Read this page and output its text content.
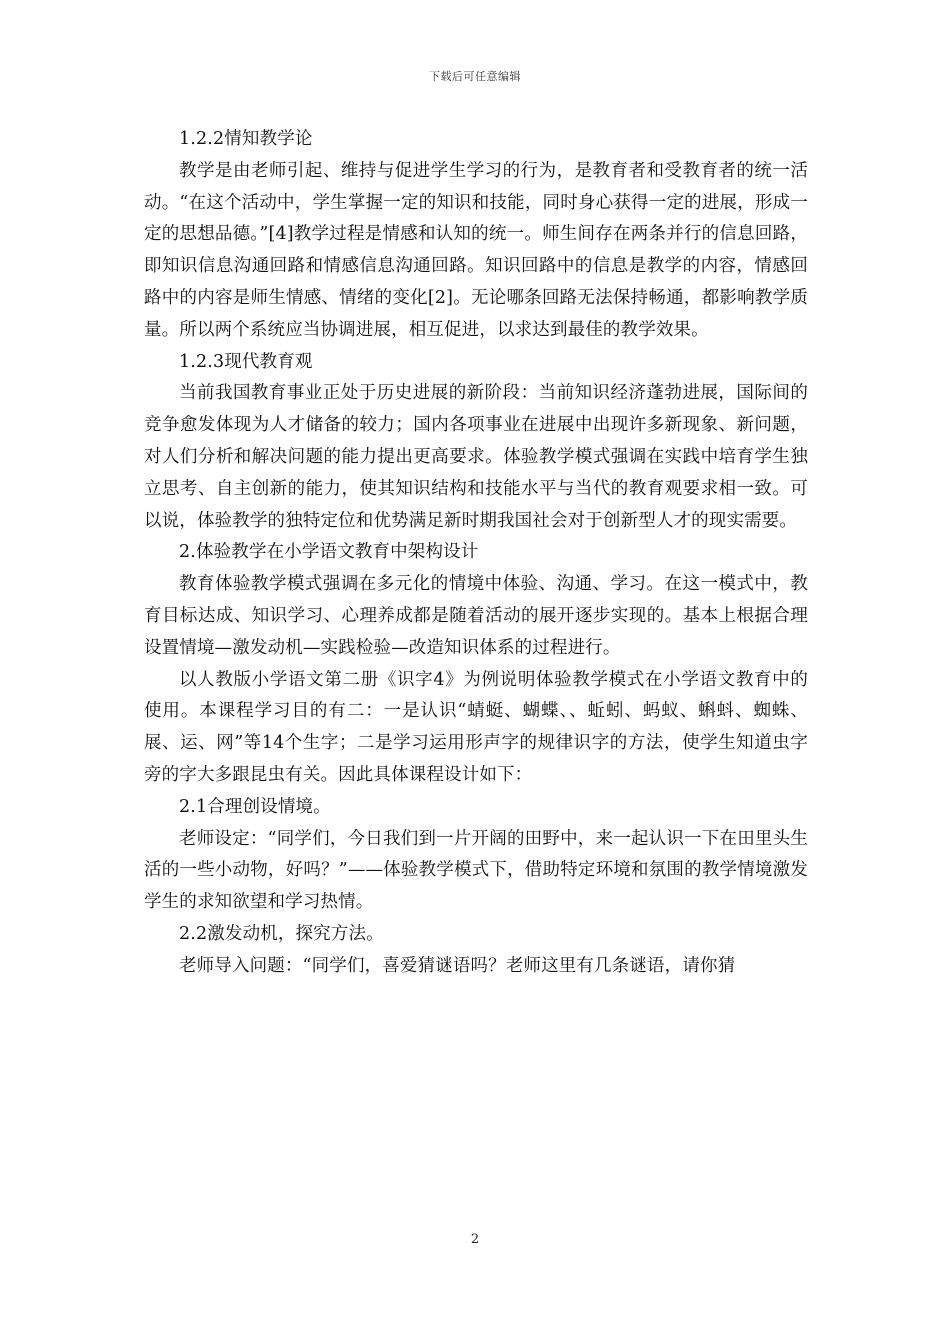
下载后可任意编辑

1.2.2情知教学论

教学是由老师引起、维持与促进学生学习的行为，是教育者和受教育者的统一活动。“在这个活动中，学生掌握一定的知识和技能，同时身心获得一定的进展，形成一定的思想品德。”[4]教学过程是情感和认知的统一。师生间存在两条并行的信息回路，即知识信息沟通回路和情感信息沟通回路。知识回路中的信息是教学的内容，情感回路中的内容是师生情感、情绪的变化[2]。无论哪条回路无法保持畅通，都影响教学质量。所以两个系统应当协调进展，相互促进，以求达到最佳的教学效果。

1.2.3现代教育观

当前我国教育事业正处于历史进展的新阶段：当前知识经济蓬勃进展，国际间的竞争愈发体现为人才储备的较力；国内各项事业在进展中出现许多新现象、新问题，对人们分析和解决问题的能力提出更高要求。体验教学模式强调在实践中培育学生独立思考、自主创新的能力，使其知识结构和技能水平与当代的教育观要求相一致。可以说，体验教学的独特定位和优势满足新时期我国社会对于创新型人才的现实需要。

2.体验教学在小学语文教育中架构设计

教育体验教学模式强调在多元化的情境中体验、沟通、学习。在这一模式中，教育目标达成、知识学习、心理养成都是随着活动的展开逐步实现的。基本上根据合理设置情境—激发动机—实践检验—改造知识体系的过程进行。

以人教版小学语文第二册《识字4》为例说明体验教学模式在小学语文教育中的使用。本课程学习目的有二：一是认识“蜻蜓、蝴蝶、、蚯蚓、蚂蚁、蝌蚪、蜘蛛、展、运、网”等14个生字；二是学习运用形声字的规律识字的方法，使学生知道虫字旁的字大多跟昆虫有关。因此具体课程设计如下：

2.1合理创设情境。

老师设定：“同学们，今日我们到一片开阔的田野中，来一起认识一下在田里头生活的一些小动物，好吗？”——体验教学模式下，借助特定环境和氛围的教学情境激发学生的求知欲望和学习热情。

2.2激发动机，探究方法。

老师导入问题：“同学们，喜爱猜谜语吗？老师这里有几条谜语，请你猜

2
